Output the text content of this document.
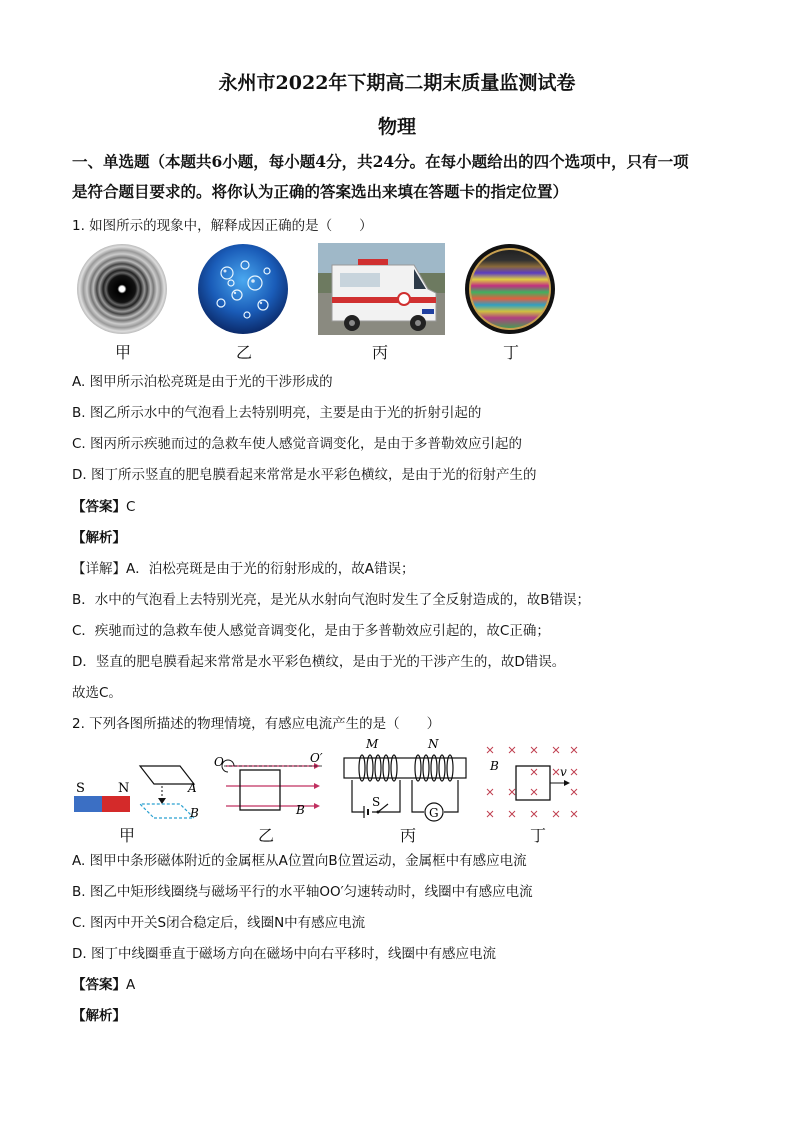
永州市2022年下期高二期末质量监测试卷
物理
一、单选题（本题共6小题，每小题4分，共24分。在每小题给出的四个选项中，只有一项
是符合题目要求的。将你认为正确的答案选出来填在答题卡的指定位置）
1. 如图所示的现象中，解释成因正确的是（　　）
甲	乙	丙	丁
A. 图甲所示泊松亮斑是由于光的干涉形成的
B. 图乙所示水中的气泡看上去特别明亮，主要是由于光的折射引起的
C. 图丙所示疾驰而过的急救车使人感觉音调变化，是由于多普勒效应引起的
D. 图丁所示竖直的肥皂膜看起来常常是水平彩色横纹，是由于光的衍射产生的
【答案】C
【解析】
【详解】A．泊松亮斑是由于光的衍射形成的，故A错误；
B．水中的气泡看上去特别光亮，是光从水射向气泡时发生了全反射造成的，故B错误；
C．疾驰而过的急救车使人感觉音调变化，是由于多普勒效应引起的，故C正确；
D．竖直的肥皂膜看起来常常是水平彩色横纹，是由于光的干涉产生的，故D错误。
故选C。
2. 下列各图所描述的物理情境，有感应电流产生的是（　　）
S	N	A
B
O	O′
B
M	N
S
G
B	v
甲	乙	丙	丁
A. 图甲中条形磁体附近的金属框从A位置向B位置运动，金属框中有感应电流
B. 图乙中矩形线圈绕与磁场平行的水平轴OO′匀速转动时，线圈中有感应电流
C. 图丙中开关S闭合稳定后，线圈N中有感应电流
D. 图丁中线圈垂直于磁场方向在磁场中向右平移时，线圈中有感应电流
【答案】A
【解析】
